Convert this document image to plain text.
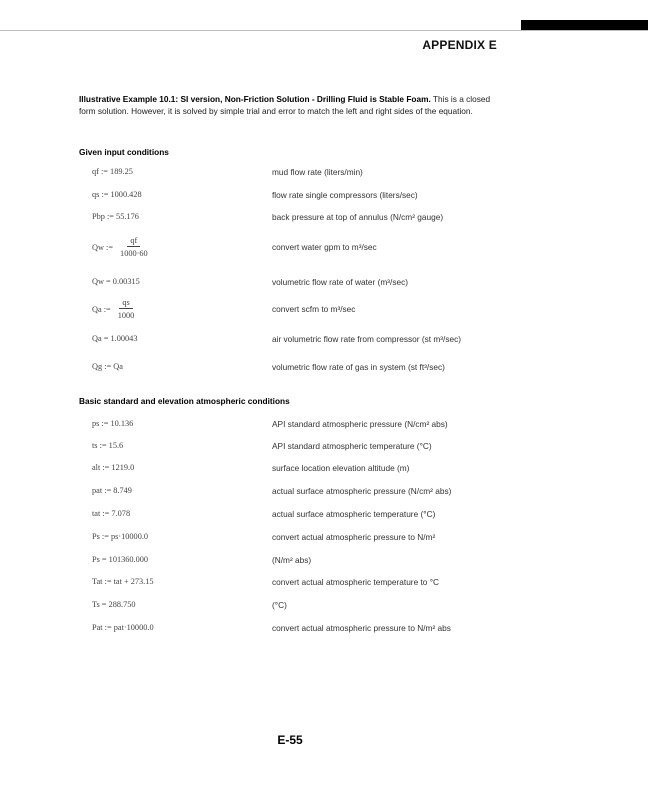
APPENDIX E
Illustrative Example 10.1: SI version, Non-Friction Solution - Drilling Fluid is Stable Foam. This is a closed form solution. However, it is solved by simple trial and error to match the left and right sides of the equation.
Given input conditions
qf := 189.25	mud flow rate (liters/min)
qs := 1000.428	flow rate single compressors (liters/sec)
Pbp := 55.176	back pressure at top of annulus (N/cm² gauge)
Qw := $\frac{qf}{1000\cdot 60}$	convert water gpm to m³/sec
Qw = 0.00315	volumetric flow rate of water (m³/sec)
Qa := $\frac{qs}{1000}$	convert scfm to m³/sec
Qa = 1.00043	air volumetric flow rate from compressor (st m³/sec)
Qg := Qa	volumetric flow rate of gas in system (st ft³/sec)
Basic standard and elevation atmospheric conditions
ps := 10.136	API standard atmospheric pressure (N/cm² abs)
ts := 15.6	API standard atmospheric temperature (°C)
alt := 1219.0	surface location elevation altitude (m)
pat := 8.749	actual surface atmospheric pressure (N/cm² abs)
tat := 7.078	actual surface atmospheric temperature (°C)
Ps := ps·10000.0	convert actual atmospheric pressure to N/m²
Ps = 101360.000	(N/m² abs)
Tat := tat + 273.15	convert actual atmospheric temperature to °C
Ts = 288.750	(°C)
Pat := pat·10000.0	convert actual atmospheric pressure to N/m² abs
E-55
